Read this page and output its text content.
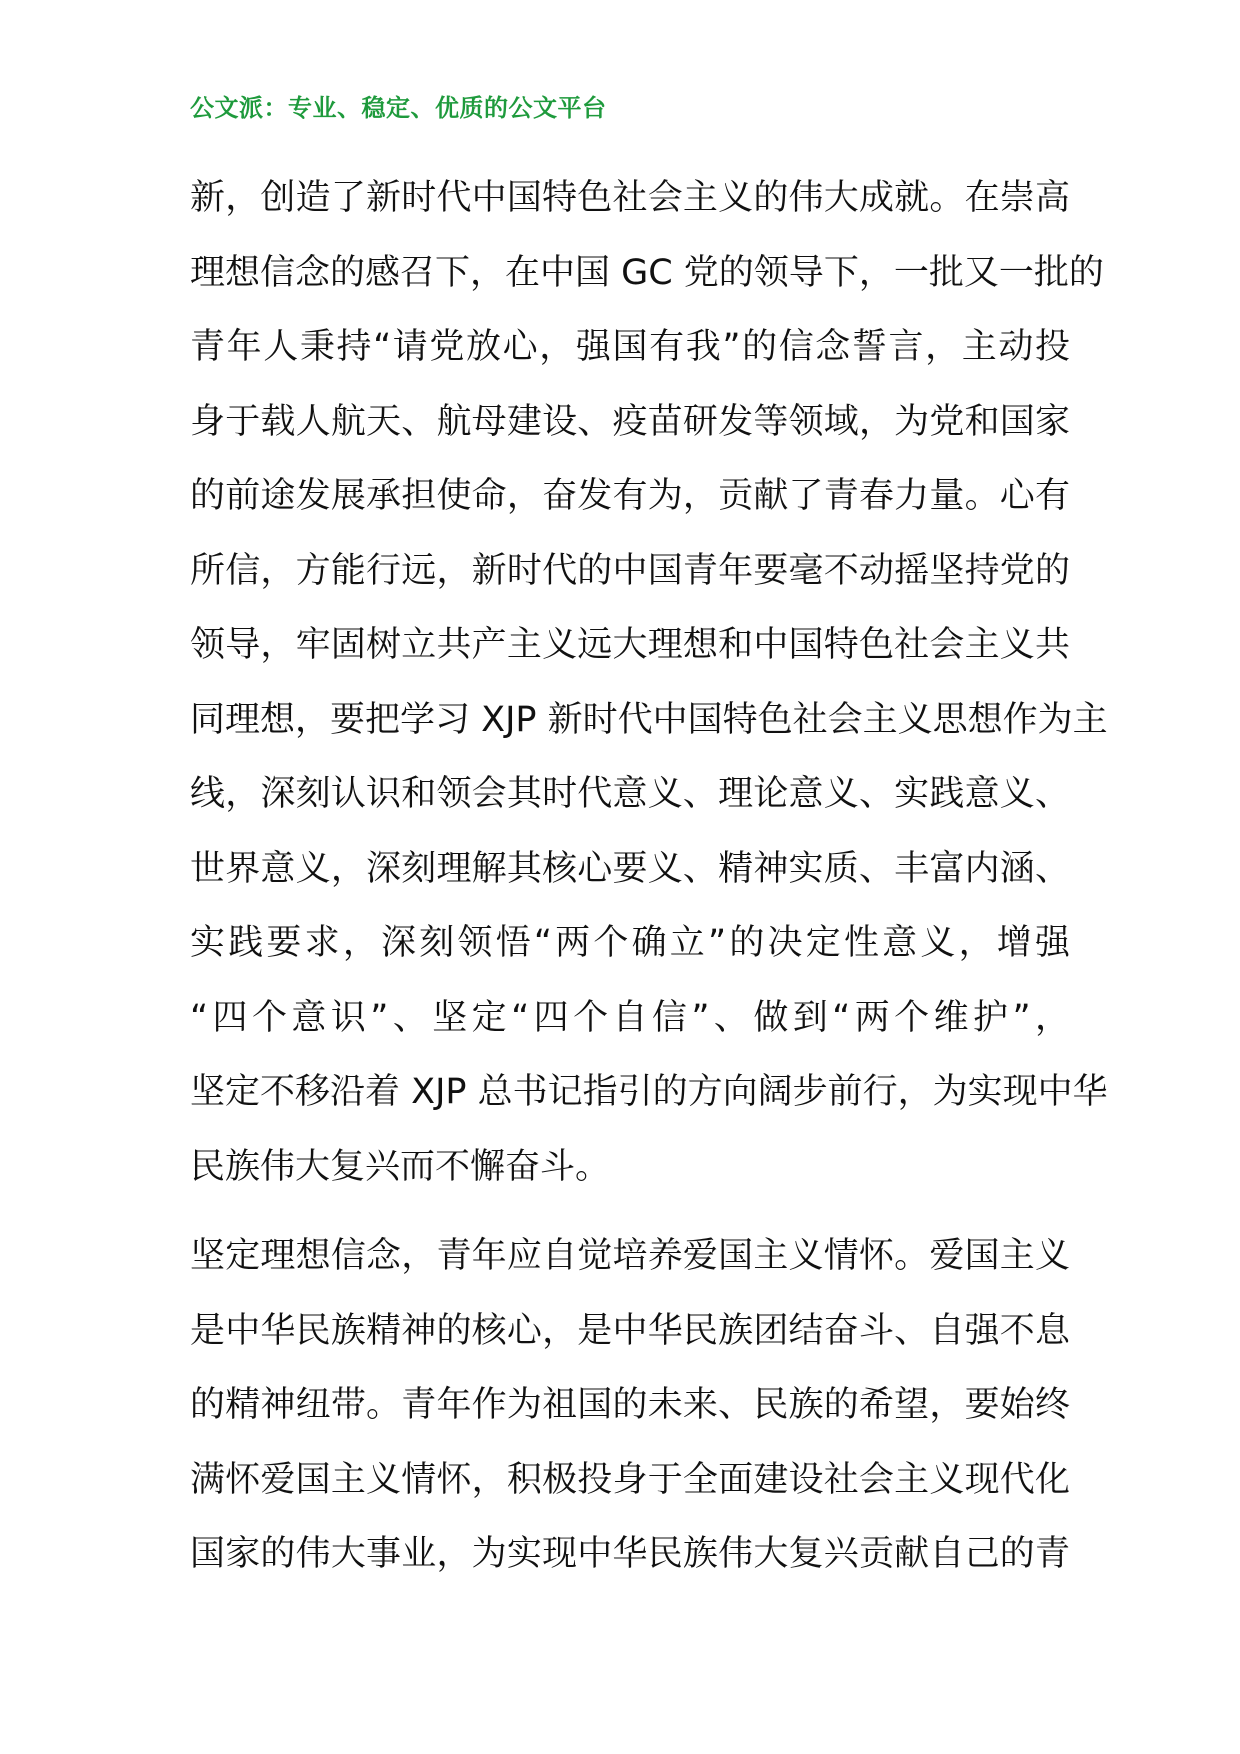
公文派：专业、稳定、优质的公文平台
新，创造了新时代中国特色社会主义的伟大成就。在崇高
理想信念的感召下，在中国 GC 党的领导下，一批又一批的
青年人秉持“请党放心，强国有我”的信念誓言，主动投
身于载人航天、航母建设、疫苗研发等领域，为党和国家
的前途发展承担使命，奋发有为，贡献了青春力量。心有
所信，方能行远，新时代的中国青年要毫不动摇坚持党的
领导，牢固树立共产主义远大理想和中国特色社会主义共
同理想，要把学习 XJP 新时代中国特色社会主义思想作为主
线，深刻认识和领会其时代意义、理论意义、实践意义、
世界意义，深刻理解其核心要义、精神实质、丰富内涵、
实践要求，深刻领悟“两个确立”的决定性意义，增强
“四个意识”、坚定“四个自信”、做到“两个维护”，
坚定不移沿着 XJP 总书记指引的方向阔步前行，为实现中华
民族伟大复兴而不懈奋斗。
坚定理想信念，青年应自觉培养爱国主义情怀。爱国主义
是中华民族精神的核心，是中华民族团结奋斗、自强不息
的精神纽带。青年作为祖国的未来、民族的希望，要始终
满怀爱国主义情怀，积极投身于全面建设社会主义现代化
国家的伟大事业，为实现中华民族伟大复兴贡献自己的青
